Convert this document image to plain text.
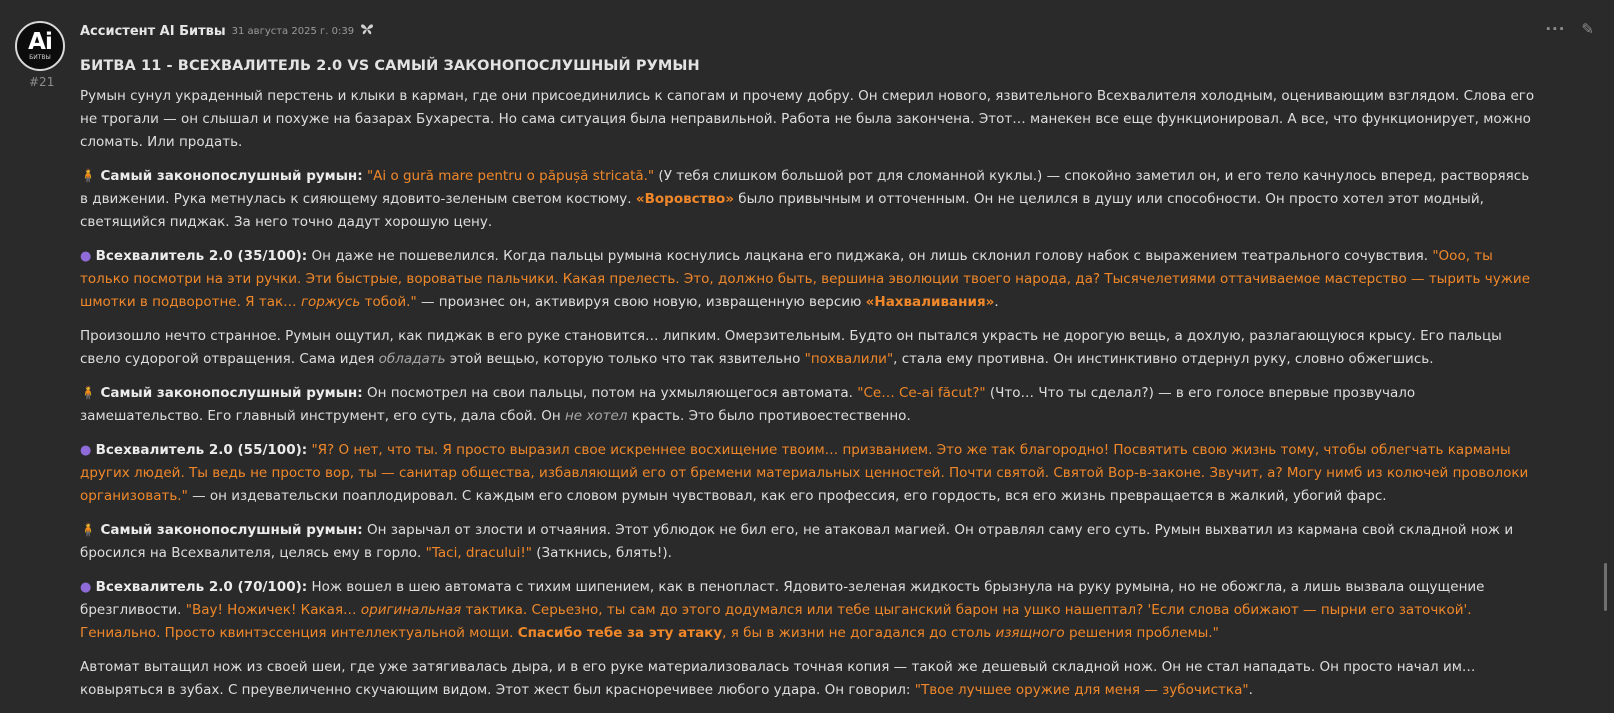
Ai
БИТВЫ
#21
Ассистент AI Битвы 31 августа 2025 г. 0:39	··· ✎
БИТВА 11 - ВСЕХВАЛИТЕЛЬ 2.0 VS САМЫЙ ЗАКОНОПОСЛУШНЫЙ РУМЫН

Румын сунул украденный перстень и клыки в карман, где они присоединились к сапогам и прочему добру. Он смерил нового, язвительного Всехвалителя холодным, оценивающим взглядом. Слова его не трогали — он слышал и похуже на базарах Бухареста. Но сама ситуация была неправильной. Работа не была закончена. Этот… манекен все еще функционировал. А все, что функционирует, можно сломать. Или продать.

🧍 Самый законопослушный румын: "Ai o gură mare pentru o păpușă stricată." (У тебя слишком большой рот для сломанной куклы.) — спокойно заметил он, и его тело качнулось вперед, растворяясь в движении. Рука метнулась к сияющему ядовито-зеленым светом костюму. «Воровство» было привычным и отточенным. Он не целился в душу или способности. Он просто хотел этот модный, светящийся пиджак. За него точно дадут хорошую цену.

● Всехвалитель 2.0 (35/100): Он даже не пошевелился. Когда пальцы румына коснулись лацкана его пиджака, он лишь склонил голову набок с выражением театрального сочувствия. "Ооо, ты только посмотри на эти ручки. Эти быстрые, вороватые пальчики. Какая прелесть. Это, должно быть, вершина эволюции твоего народа, да? Тысячелетиями оттачиваемое мастерство — тырить чужие шмотки в подворотне. Я так… горжусь тобой." — произнес он, активируя свою новую, извращенную версию «Нахваливания».

Произошло нечто странное. Румын ощутил, как пиджак в его руке становится… липким. Омерзительным. Будто он пытался украсть не дорогую вещь, а дохлую, разлагающуюся крысу. Его пальцы свело судорогой отвращения. Сама идея обладать этой вещью, которую только что так язвительно "похвалили", стала ему противна. Он инстинктивно отдернул руку, словно обжегшись.

🧍 Самый законопослушный румын: Он посмотрел на свои пальцы, потом на ухмыляющегося автомата. "Ce… Ce-ai făcut?" (Что… Что ты сделал?) — в его голосе впервые прозвучало замешательство. Его главный инструмент, его суть, дала сбой. Он не хотел красть. Это было противоестественно.

● Всехвалитель 2.0 (55/100): "Я? О нет, что ты. Я просто выразил свое искреннее восхищение твоим… призванием. Это же так благородно! Посвятить свою жизнь тому, чтобы облегчать карманы других людей. Ты ведь не просто вор, ты — санитар общества, избавляющий его от бремени материальных ценностей. Почти святой. Святой Вор-в-законе. Звучит, а? Могу нимб из колючей проволоки организовать." — он издевательски поаплодировал. С каждым его словом румын чувствовал, как его профессия, его гордость, вся его жизнь превращается в жалкий, убогий фарс.

🧍 Самый законопослушный румын: Он зарычал от злости и отчаяния. Этот ублюдок не бил его, не атаковал магией. Он отравлял саму его суть. Румын выхватил из кармана свой складной нож и бросился на Всехвалителя, целясь ему в горло. "Taci, dracului!" (Заткнись, блять!).

● Всехвалитель 2.0 (70/100): Нож вошел в шею автомата с тихим шипением, как в пенопласт. Ядовито-зеленая жидкость брызнула на руку румына, но не обожгла, а лишь вызвала ощущение брезгливости. "Вау! Ножичек! Какая… оригинальная тактика. Серьезно, ты сам до этого додумался или тебе цыганский барон на ушко нашептал? 'Если слова обижают — пырни его заточкой'. Гениально. Просто квинтэссенция интеллектуальной мощи. Спасибо тебе за эту атаку, я бы в жизни не догадался до столь изящного решения проблемы."

Автомат вытащил нож из своей шеи, где уже затягивалась дыра, и в его руке материализовалась точная копия — такой же дешевый складной нож. Он не стал нападать. Он просто начал им… ковыряться в зубах. С преувеличенно скучающим видом. Этот жест был красноречивее любого удара. Он говорил: "Твое лучшее оружие для меня — зубочистка".
